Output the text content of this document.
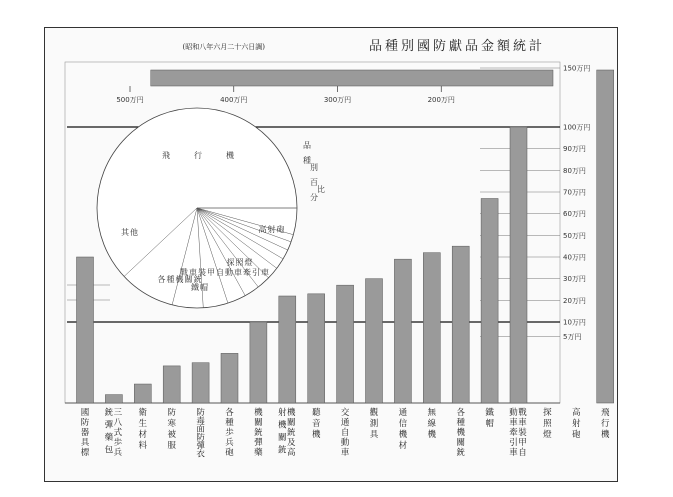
品種別國防獻品金額統計
(昭和八年六月二十六日調)
飛行機
高射砲
探照燈
戰車裝甲自動車牽引車
鐵帽
各種機關銃
其他
品種
別百分
比
5万円
10万円
20万円
30万円
40万円
50万円
60万円
70万円
80万円
90万円
100万円
150万円
200万円
300万円
400万円
500万円
國防器具標
三八式歩兵
銃彈藥包
衛生材料
防寒被服
防毒面防彈衣
各種歩兵砲
機關銃彈藥
機關銃及高
射機關銃
聽音機
交通自動車
觀測具
通信機材
無線機
各種機關銃
鐵帽
戰車裝甲自
動車牽引車
探照燈
高射砲
飛行機
